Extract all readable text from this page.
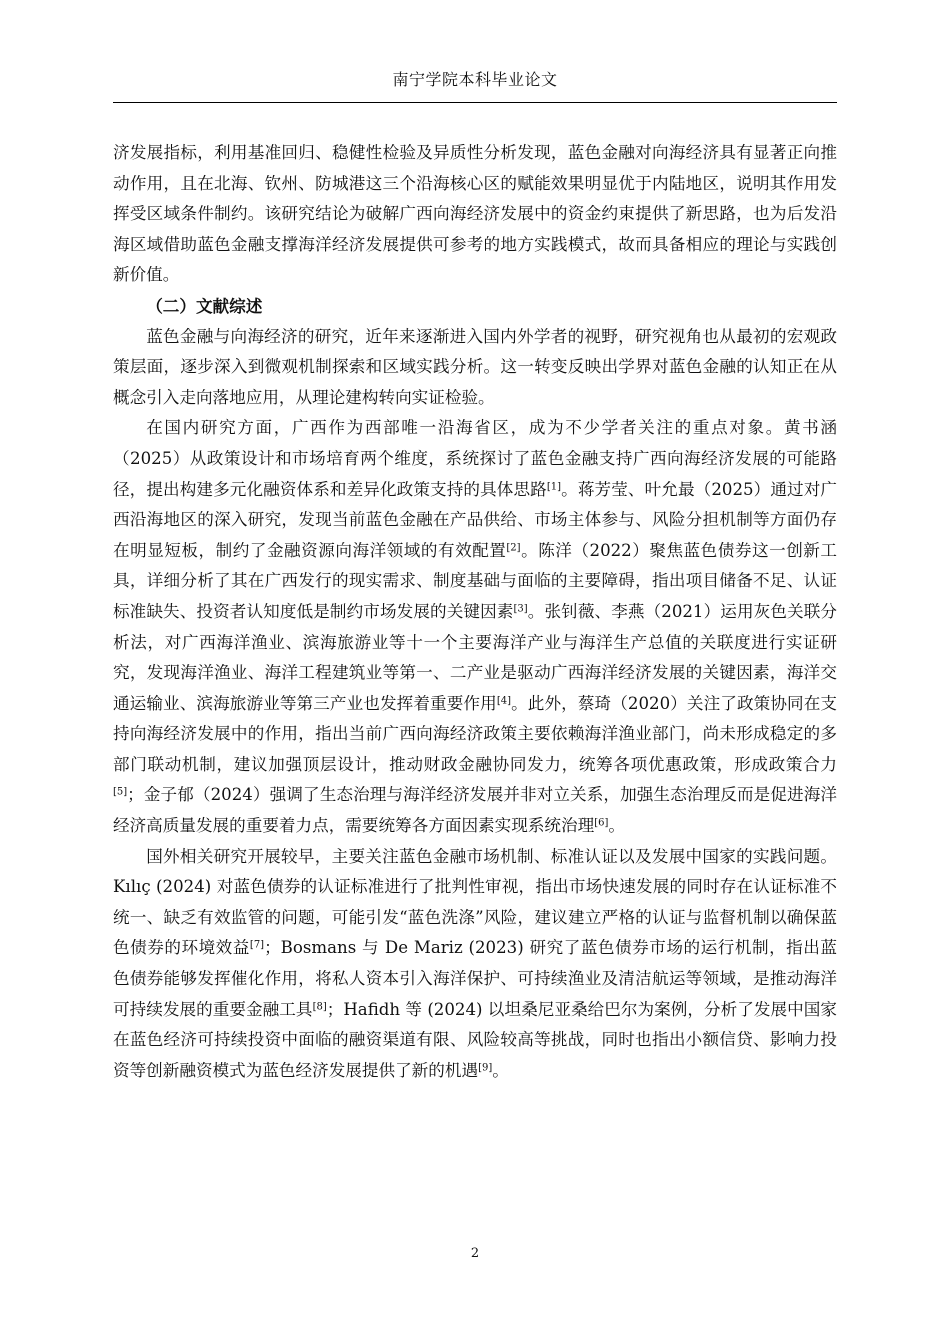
南宁学院本科毕业论文

济发展指标，利用基准回归、稳健性检验及异质性分析发现，蓝色金融对向海经济具有显著正向推动作用，且在北海、钦州、防城港这三个沿海核心区的赋能效果明显优于内陆地区，说明其作用发挥受区域条件制约。该研究结论为破解广西向海经济发展中的资金约束提供了新思路，也为后发沿海区域借助蓝色金融支撑海洋经济发展提供可参考的地方实践模式，故而具备相应的理论与实践创新价值。

（二）文献综述

蓝色金融与向海经济的研究，近年来逐渐进入国内外学者的视野，研究视角也从最初的宏观政策层面，逐步深入到微观机制探索和区域实践分析。这一转变反映出学界对蓝色金融的认知正在从概念引入走向落地应用，从理论建构转向实证检验。

在国内研究方面，广西作为西部唯一沿海省区，成为不少学者关注的重点对象。黄书涵（2025）从政策设计和市场培育两个维度，系统探讨了蓝色金融支持广西向海经济发展的可能路径，提出构建多元化融资体系和差异化政策支持的具体思路[1]。蒋芳莹、叶允最（2025）通过对广西沿海地区的深入研究，发现当前蓝色金融在产品供给、市场主体参与、风险分担机制等方面仍存在明显短板，制约了金融资源向海洋领域的有效配置[2]。陈洋（2022）聚焦蓝色债券这一创新工具，详细分析了其在广西发行的现实需求、制度基础与面临的主要障碍，指出项目储备不足、认证标准缺失、投资者认知度低是制约市场发展的关键因素[3]。张钊薇、李燕（2021）运用灰色关联分析法，对广西海洋渔业、滨海旅游业等十一个主要海洋产业与海洋生产总值的关联度进行实证研究，发现海洋渔业、海洋工程建筑业等第一、二产业是驱动广西海洋经济发展的关键因素，海洋交通运输业、滨海旅游业等第三产业也发挥着重要作用[4]。此外，蔡琦（2020）关注了政策协同在支持向海经济发展中的作用，指出当前广西向海经济政策主要依赖海洋渔业部门，尚未形成稳定的多部门联动机制，建议加强顶层设计，推动财政金融协同发力，统筹各项优惠政策，形成政策合力[5]；金子郁（2024）强调了生态治理与海洋经济发展并非对立关系，加强生态治理反而是促进海洋经济高质量发展的重要着力点，需要统筹各方面因素实现系统治理[6]。

国外相关研究开展较早，主要关注蓝色金融市场机制、标准认证以及发展中国家的实践问题。Kılıç (2024) 对蓝色债券的认证标准进行了批判性审视，指出市场快速发展的同时存在认证标准不统一、缺乏有效监管的问题，可能引发“蓝色洗涤”风险，建议建立严格的认证与监督机制以确保蓝色债券的环境效益[7]；Bosmans 与 De Mariz (2023) 研究了蓝色债券市场的运行机制，指出蓝色债券能够发挥催化作用，将私人资本引入海洋保护、可持续渔业及清洁航运等领域，是推动海洋可持续发展的重要金融工具[8]；Hafidh 等 (2024) 以坦桑尼亚桑给巴尔为案例，分析了发展中国家在蓝色经济可持续投资中面临的融资渠道有限、风险较高等挑战，同时也指出小额信贷、影响力投资等创新融资模式为蓝色经济发展提供了新的机遇[9]。

2
